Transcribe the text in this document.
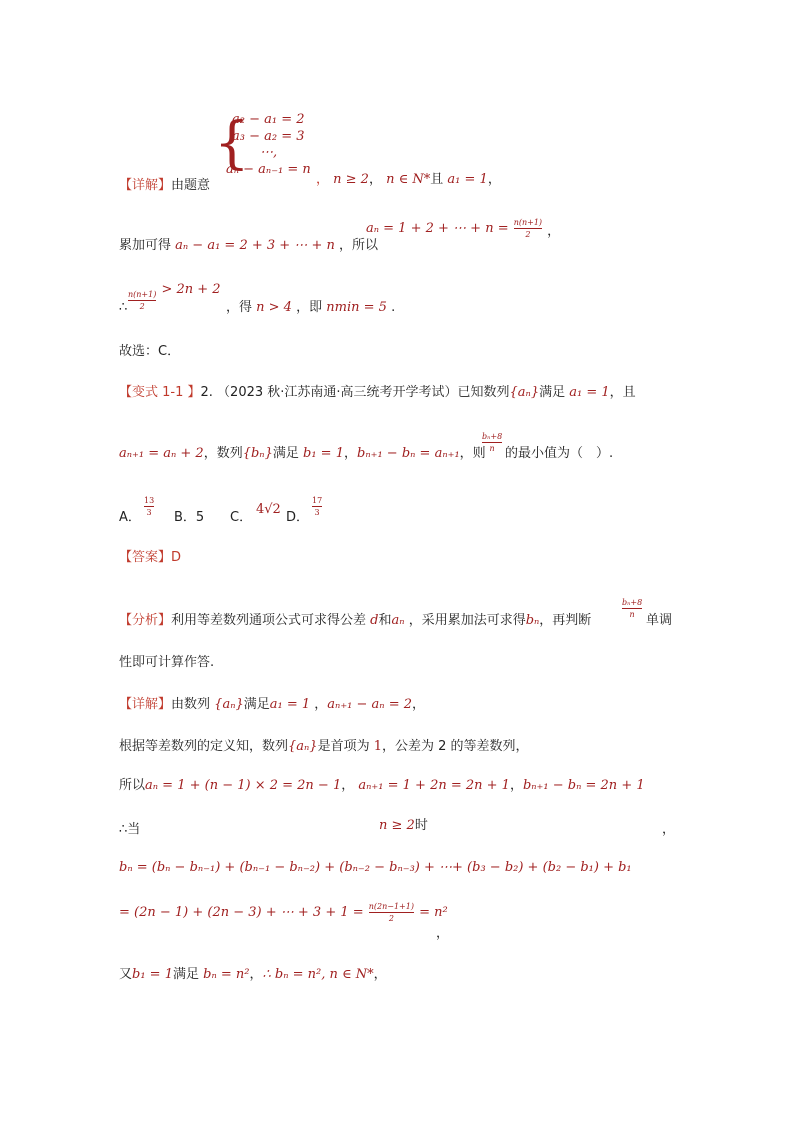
{
a₂ − a₁ = 2
a₃ − a₂ = 3
⋯,
aₙ − aₙ₋₁ = n
【详解】由题意	， n ≥ 2， n ∈ N*且 a₁ = 1，
累加可得 aₙ − a₁ = 2 + 3 + ⋯ + n ，所以
aₙ = 1 + 2 + ⋯ + $n = \frac{n(n+1)}{2}$ ，
$\frac{n(n+1)}{2}$
$^{> 2n + 2}$
∴	，得 n > 4 ，即 nmin = 5 .
故选：C．
【变式 1-1 】2. （2023 秋·江苏南通·高三统考开学考试）已知数列{aₙ}满足 a₁ = 1，且
aₙ₊₁ = aₙ + 2，数列{bₙ}满足 b₁ = 1，bₙ₊₁ − bₙ = aₙ₊₁，则
$\frac{\text{bₙ+8}}{n}$
的最小值为（　）.
A．
$\frac{13}{3}$
B．5 C．
4√2
D．
$\frac{17}{3}$
【答案】D
【分析】利用等差数列通项公式可求得公差 d和aₙ ，采用累加法可求得bₙ，再判断
$\frac{\text{bₙ+8}}{n}$
单调
性即可计算作答.
【详解】由数列 {aₙ}满足a₁ = 1 ，aₙ₊₁ − aₙ = 2，
根据等差数列的定义知，数列{aₙ}是首项为 1，公差为 2 的等差数列，
所以aₙ = 1 + (n − 1) × 2 = 2n − 1， aₙ₊₁ = 1 + 2n = 2n + 1，bₙ₊₁ − bₙ = 2n + 1
∴当	n ≥ 2时	，
bₙ = (bₙ − bₙ₋₁) + (bₙ₋₁ − bₙ₋₂) + (bₙ₋₂ − bₙ₋₃) + ⋯+ (b₃ − b₂) + (b₂ − b₁) + b₁
= (2n − 1) + (2n − 3) + ⋯ + $3 + 1 = \frac{n(2n-1+1)}{2} = n^2$
，
又b₁ = 1满足 bₙ = n²，∴ bₙ = n², n ∈ N*，
